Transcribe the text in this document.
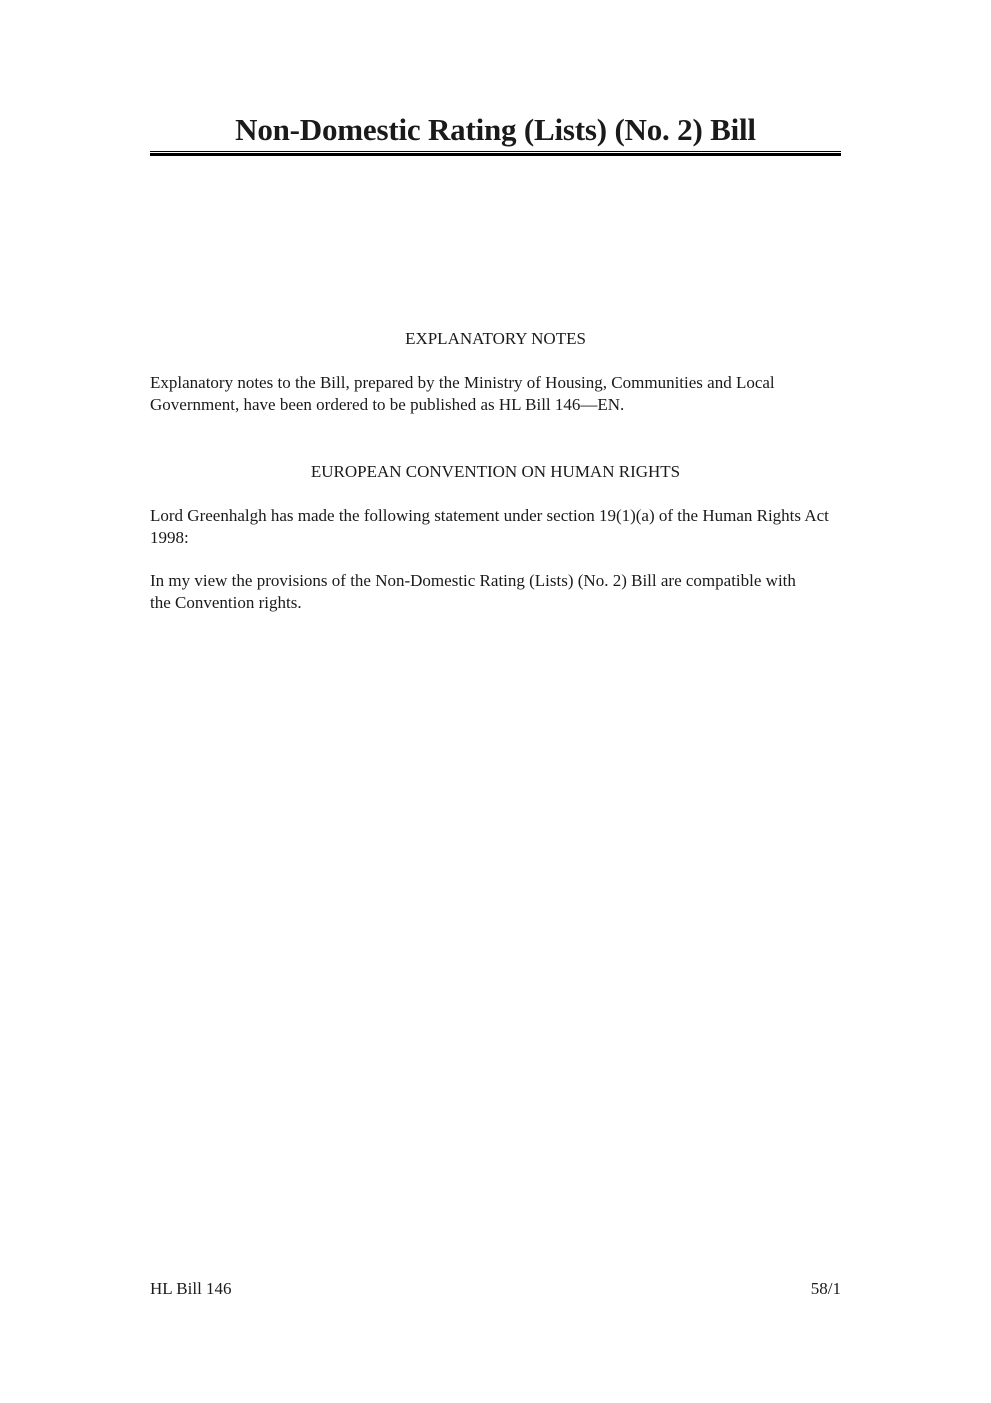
Non-Domestic Rating (Lists) (No. 2) Bill
EXPLANATORY NOTES
Explanatory notes to the Bill, prepared by the Ministry of Housing, Communities and Local Government, have been ordered to be published as HL Bill 146—EN.
EUROPEAN CONVENTION ON HUMAN RIGHTS
Lord Greenhalgh has made the following statement under section 19(1)(a) of the Human Rights Act 1998:
In my view the provisions of the Non-Domestic Rating (Lists) (No. 2) Bill are compatible with the Convention rights.
HL Bill 146	58/1
